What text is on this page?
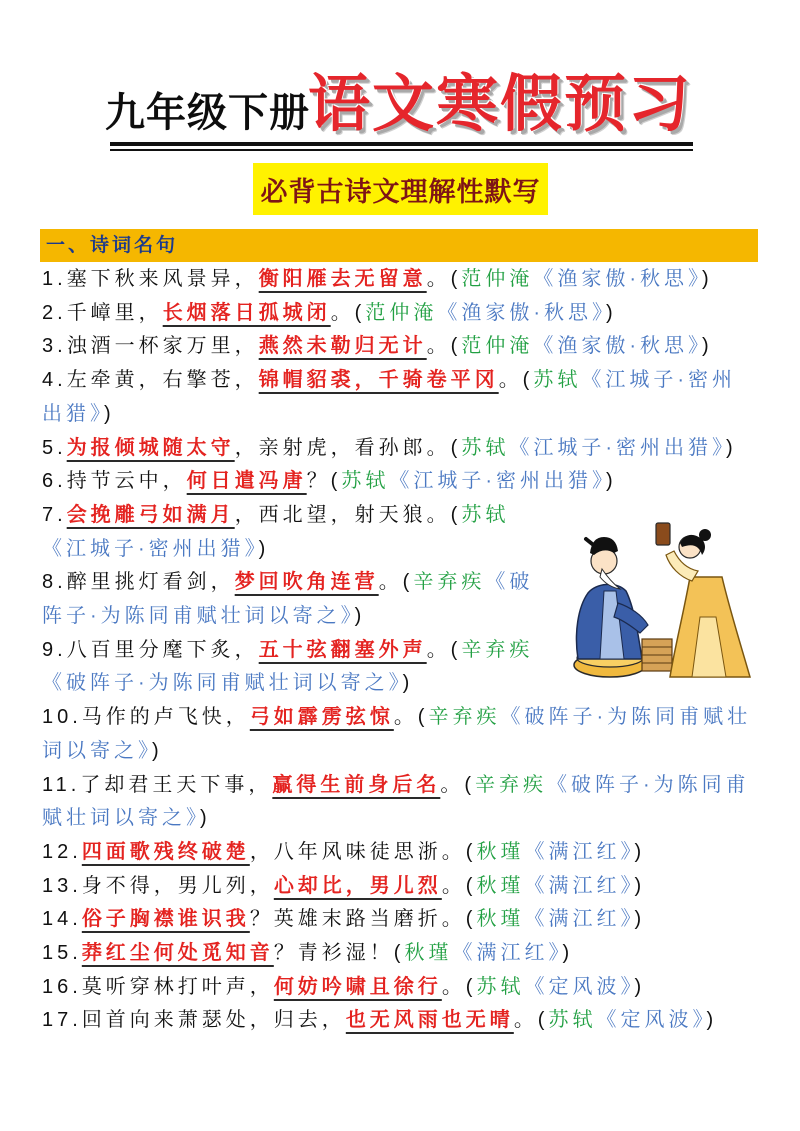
九年级下册
语文寒假预习
必背古诗文理解性默写
一、诗词名句
1.塞下秋来风景异，衡阳雁去无留意。(范仲淹《渔家傲·秋思》)
2.千嶂里，长烟落日孤城闭。(范仲淹《渔家傲·秋思》)
3.浊酒一杯家万里，燕然未勒归无计。(范仲淹《渔家傲·秋思》)
4.左牵黄，右擎苍，锦帽貂裘，千骑卷平冈。(苏轼《江城子·密州出猎》)
5.为报倾城随太守，亲射虎，看孙郎。(苏轼《江城子·密州出猎》)
6.持节云中，何日遣冯唐？(苏轼《江城子·密州出猎》)
7.会挽雕弓如满月，西北望，射天狼。(苏轼《江城子·密州出猎》)
8.醉里挑灯看剑，梦回吹角连营。(辛弃疾《破阵子·为陈同甫赋壮词以寄之》)
9.八百里分麾下炙，五十弦翻塞外声。(辛弃疾《破阵子·为陈同甫赋壮词以寄之》)
10.马作的卢飞快，弓如霹雳弦惊。(辛弃疾《破阵子·为陈同甫赋壮词以寄之》)
11.了却君王天下事，赢得生前身后名。(辛弃疾《破阵子·为陈同甫赋壮词以寄之》)
12.四面歌残终破楚，八年风味徒思浙。(秋瑾《满江红》)
13.身不得，男儿列，心却比，男儿烈。(秋瑾《满江红》)
14.俗子胸襟谁识我？英雄末路当磨折。(秋瑾《满江红》)
15.莽红尘何处觅知音？青衫湿！(秋瑾《满江红》)
16.莫听穿林打叶声，何妨吟啸且徐行。(苏轼《定风波》)
17.回首向来萧瑟处，归去，也无风雨也无晴。(苏轼《定风波》)
